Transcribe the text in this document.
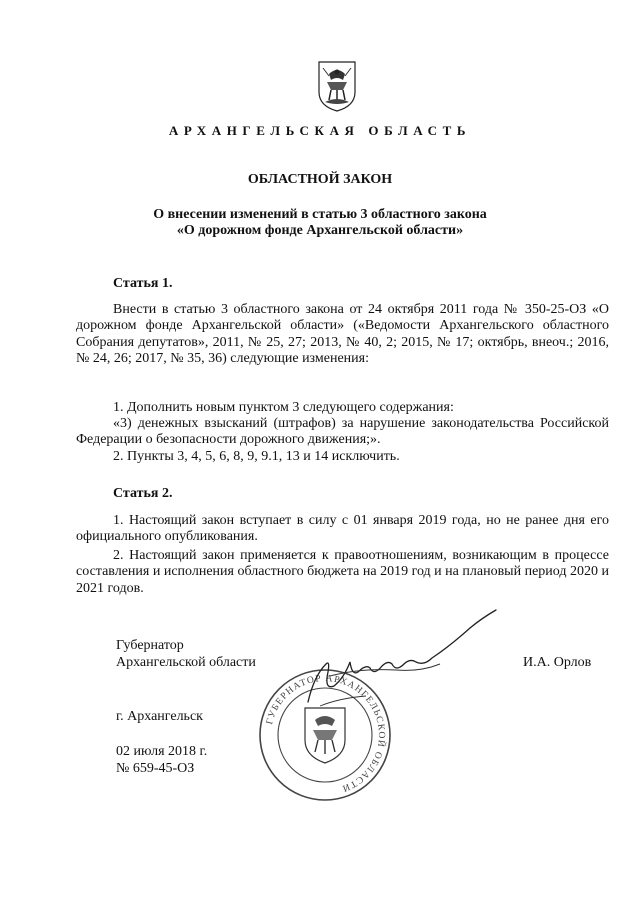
АРХАНГЕЛЬСКАЯ ОБЛАСТЬ
ОБЛАСТНОЙ ЗАКОН
О внесении изменений в статью 3 областного закона
«О дорожном фонде Архангельской области»
Статья 1.
Внести в статью 3 областного закона от 24 октября 2011 года № 350-25-ОЗ «О дорожном фонде Архангельской области» («Ведомости Архангельского областного Собрания депутатов», 2011, № 25, 27; 2013, № 40, 2; 2015, № 17; октябрь, внеоч.; 2016, № 24, 26; 2017, № 35, 36) следующие изменения:
1. Дополнить новым пунктом 3 следующего содержания:
«3) денежных взысканий (штрафов) за нарушение законодательства Российской Федерации о безопасности дорожного движения;».
2. Пункты 3, 4, 5, 6, 8, 9, 9.1, 13 и 14 исключить.
Статья 2.
1. Настоящий закон вступает в силу с 01 января 2019 года, но не ранее дня его официального опубликования.
2. Настоящий закон применяется к правоотношениям, возникающим в процессе составления и исполнения областного бюджета на 2019 год и на плановый период 2020 и 2021 годов.
Губернатор
Архангельской области	И.А. Орлов
ГУБЕРНАТОР АРХАНГЕЛЬСКОЙ ОБЛАСТИ
г. Архангельск
02 июля 2018 г.
№ 659-45-ОЗ
